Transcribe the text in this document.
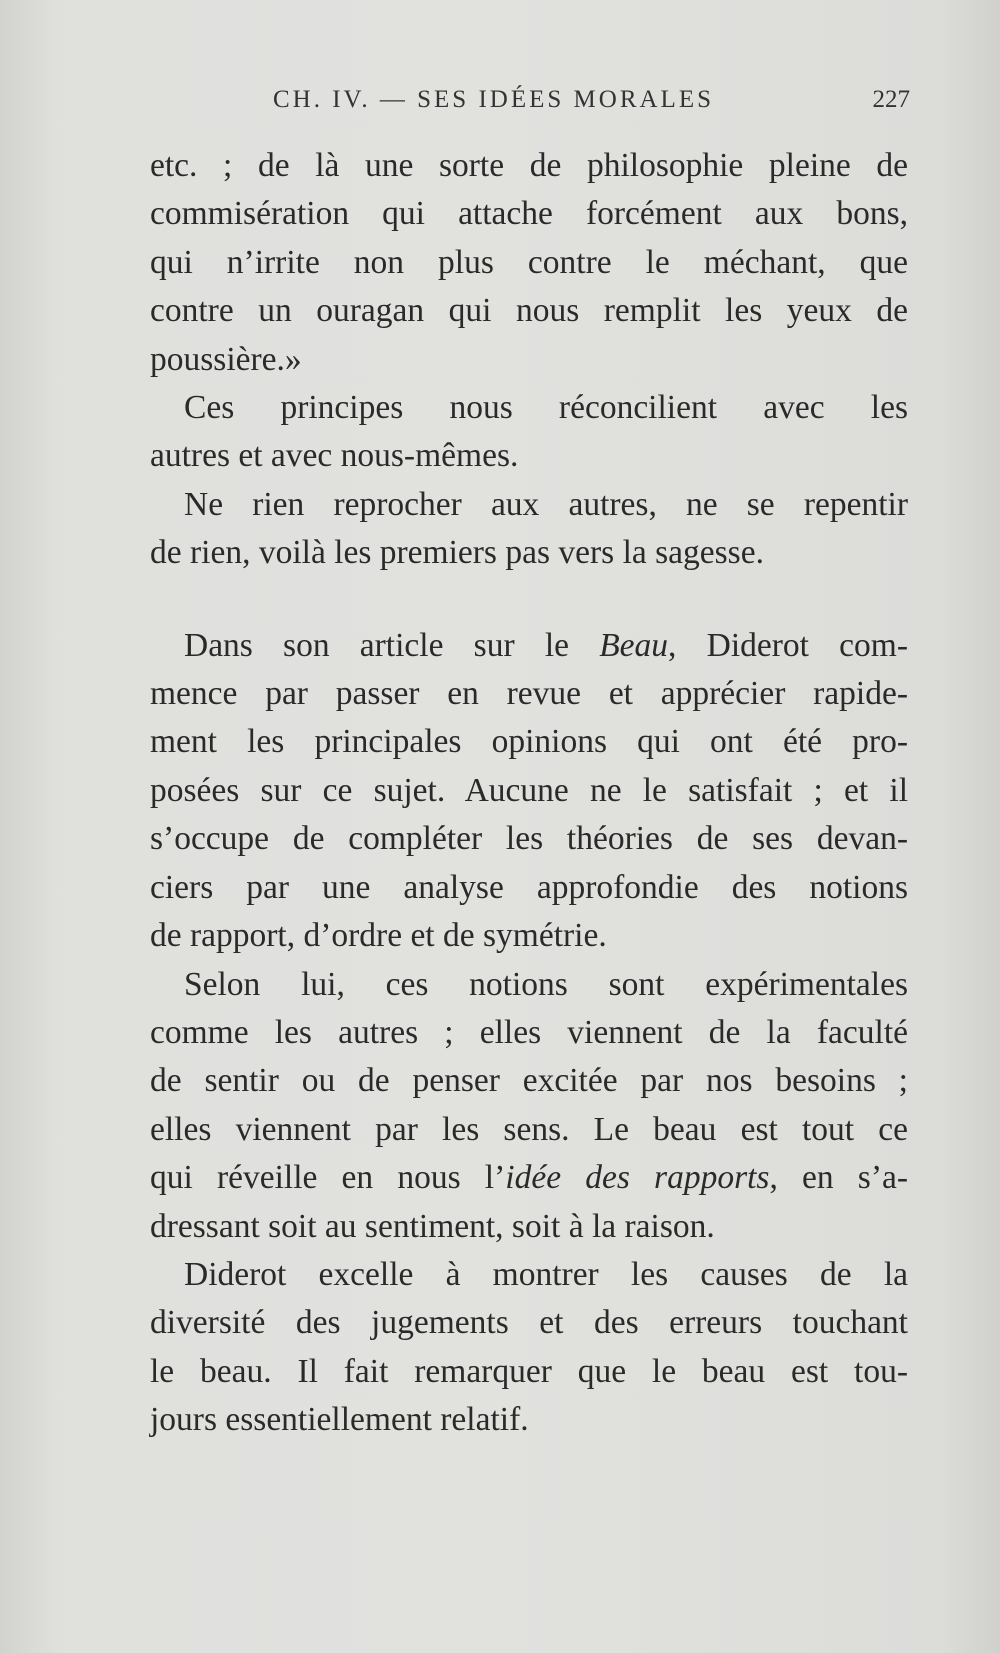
CH. IV. — SES IDÉES MORALES	227

etc. ; de là une sorte de philosophie pleine de
commisération qui attache forcément aux bons,
qui n’irrite non plus contre le méchant, que
contre un ouragan qui nous remplit les yeux de
poussière.»

Ces principes nous réconcilient avec les
autres et avec nous-mêmes.

Ne rien reprocher aux autres, ne se repentir
de rien, voilà les premiers pas vers la sagesse.

Dans son article sur le Beau, Diderot com-
mence par passer en revue et apprécier rapide-
ment les principales opinions qui ont été pro-
posées sur ce sujet. Aucune ne le satisfait ; et il
s’occupe de compléter les théories de ses devan-
ciers par une analyse approfondie des notions
de rapport, d’ordre et de symétrie.

Selon lui, ces notions sont expérimentales
comme les autres ; elles viennent de la faculté
de sentir ou de penser excitée par nos besoins ;
elles viennent par les sens. Le beau est tout ce
qui réveille en nous l’idée des rapports, en s’a-
dressant soit au sentiment, soit à la raison.

Diderot excelle à montrer les causes de la
diversité des jugements et des erreurs touchant
le beau. Il fait remarquer que le beau est tou-
jours essentiellement relatif.
